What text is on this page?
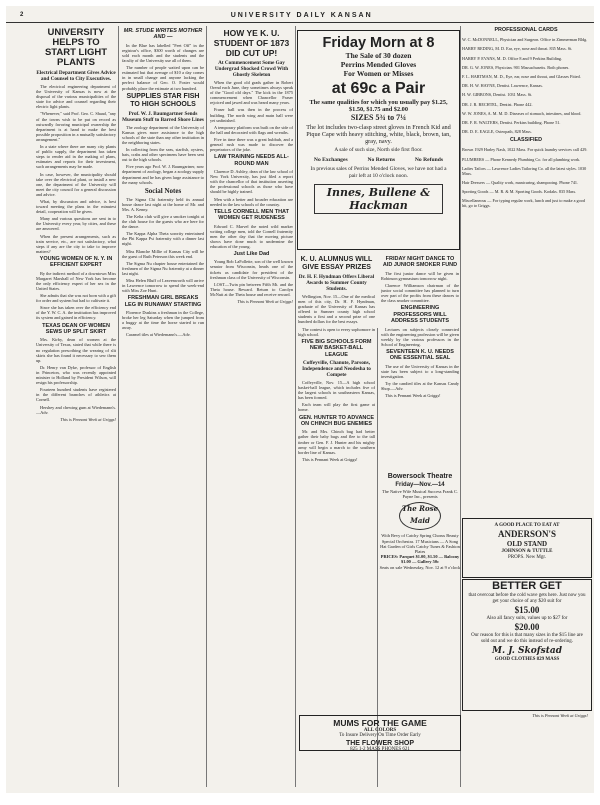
2	UNIVERSITY DAILY KANSAN
UNIVERSITY HELPS TO START LIGHT PLANTS
Electrical Department Gives Advice and Counsel to City Executives.

The electrical engineering department of the University of Kansas is now at the disposal of the various municipalities of the state for advice and counsel regarding their electric light plants.

"Whenever," said Prof. Geo. C. Shaad, "any of the towns wish to be put on record as outwardly favoring municipal ownership the department is at hand to make the best possible proposition in a mutually satisfactory arrangement."

In a state where there are many city plants of public supply, the department has taken steps to render aid in the making of plans, estimates and reports for their investment, such arrangements may be made.

In case, however, the municipality should take over the electrical plant, or install a new one, the department of the University will meet the city council for a general discussion and advice.

What, by discussion and advice, is best toward meeting the plans in the minutest detail, cooperation will be given.

Many and various questions are sent in to the University every year, by cities, and these are answered.

When the present arrangements, such as train service, etc., are not satisfactory, what steps if any are the city to take to improve matters?

YOUNG WOMEN OF N. Y. IN EFFICIENT EXPERT

By the indirect method of a downtown Miss Margaret Marshall of New York has become the only efficiency expert of her sex in the United States.

She admits that she was not born with a gift for order and system but had to cultivate it.

Since she has taken over the efficiency end of the Y. W. C. A. the institution has improved its system and gained in efficiency.

TEXAS DEAN OF WOMEN SEWS UP SPLIT SKIRT

Mrs. Kirby, dean of women at the University of Texas, stated that while there is no regulation prescribing the wearing of slit skirts she has found it necessary to sew them up.

Dr. Henry van Dyke, professor of English in Princeton, who was recently appointed minister to Holland by President Wilson, will resign his professorship.

Fourteen hundred students have registered in the different branches of athletics at Cornell.

Hershey and chewing gum at Wiedemann's.—Adv.

This is Pennant Week at Griggs!
MR. STUDE WRITES MOTHER AND —

In the Blue has labelled "Feet Off" in the registrar's office, $300 worth of changes are sold each month and the students and the faculty of the University use all of them.

The number of people waited upon can be estimated but that average of $10 a day comes in in small change and anyone lacking the perfect balance of Geo. O. Foster would probably place the estimate at two hundred.

SUPPLIES STAR FISH TO HIGH SCHOOLS
Prof. W. J. Baumgartner Sends Museum Stuff to Barred Shore Lines

The zoology department of the University of Kansas gives more assistance to the high schools of the state than any other institution in the neighboring states.

In collecting from the seas, starfish, oysters, bats, crabs and other specimens have been sent out to the high schools.

Five years ago Prof. W. J. Baumgartner, now department of zoology, began a zoology supply department and he has given large assistance to the many schools.

Social Notes

The Sigma Chi fraternity held its annual house dance last night at the home of Mr. and Mrs. A. Kenny.

The Kelta club will give a smoker tonight at the club house for the guests who are here for the dance.

The Kappa Alpha Theta sorority entertained the Phi Kappa Psi fraternity with a dinner last night.

Miss Blanche Millie of Kansas City will be the guest of Ruth Peterson this week end.

The Sigma Nu chapter house entertained the freshmen of the Sigma Nu fraternity at a dinner last night.

Miss Helen Bluff of Leavenworth will arrive in Lawrence tomorrow to spend the week-end with Miss Zoe Hunt.

FRESHMAN GIRL BREAKS LEG IN RUNAWAY STARTING

Florence Duskins a freshman in the College, broke her leg Saturday when the jumped from a buggy at the time the horse started to run away.

Caramel tiles at Wiedemann's.—Adv.

HOW YE K. U. STUDENT OF 1873 DID CUT UP!
At Commencement Some Gay Undergrad Shocked Crowd With Ghostly Skeleton

When the good old grads gather in Robert Orend each June, they sometimes always speak of the "Good old days." The kick in the 1875 commencement when Chancellor Fraser rejoiced and jawed and was heard many years.

Fraser hall was then in the process of building. The north wing and main hall were yet unfinished.

A temporary platform was built on the side of the hall and decorated with flags and wreaths.

Five in time there was a great hubbub, and a general rush was made to discover the perpetrators of the joke.

LAW TRAINING NEEDS ALL-ROUND MAN

Clarence D. Ashley, dean of the law school of New York University, has just filed a report with the chancellor of that institution asserting the professional schools as those who have should be highly trained.

Men with a better and broader education are needed in the law schools of the country.

TELLS CORNELL MEN THAT WOMEN GET RUDENESS

Edward C. Marvel the noted wild marker writing college men, told the Cornell fraternity men the other day that the moving picture shows have done much to undermine the education of the young.

Just Like Dad

Young Bob LaFollette, son of the well known senator from Wisconsin, heads one of the tickets as candidate for president of the freshman class of the University of Wisconsin.

LOST—Twin pin between Fifth Mt. and the Theta house. Reward. Return to Carolyn McNutt at the Theta house and receive reward.

This is Pennant Week at Griggs!
Friday Morn at 8
The Sale of 30 dozen
Perrins Mended Gloves
For Women or Misses
at 69c a Pair
The same qualities for which you usually pay $1.25, $1.50, $1.75 and $2.00
SIZES 5¾ to 7¼
The lot includes two-clasp street gloves in French Kid and Pique Cape with heavy stitching, white, black, brown, tan, gray, navy.
A sale of such size, North side first floor.
No Exchanges	No Returns	No Refunds
In previous sales of Perrins Mended Gloves, we have not had a pair left at 10 o'clock noon.
Innes, Bullene & Hackman
K. U. ALUMNUS WILL GIVE ESSAY PRIZES
Dr. H. F. Hyndman Offers Liberal Awards to Summer County Students.

Wellington, Nov. 15—One of the medical men of this city, Dr. H. F. Hyndman, graduate of the University of Kansas has offered to Sumner county high school students a first and a second prize of one hundred dollars for the best essays.

The contest is open to every sophomore in high school.

FIVE BIG SCHOOLS FORM NEW BASKET-BALL LEAGUE
Coffeyville, Chanute, Parsons, Independence and Neodesha to Compete

Coffeyville, Nov. 15—A high school basket-ball league, which includes five of the largest schools in southeastern Kansas, has been formed.

Each team will play the first game at home.

GEN. HUNTER TO ADVANCE ON CHINCH BUG ENEMIES

Mr. and Mrs. Chinch bug had better gather their baby bugs and flee to the tall timber or Gen. F. J. Hunter and his mighty army will begin a march to the southern border line of Kansas.

This is Pennant Week at Griggs!

FRIDAY NIGHT DANCE TO AID JUNIOR SMOKER FUND

The first junior dance will be given in Robinson gymnasium tomorrow night.

Clarence Williamson chairman of the junior social committee has planned to turn over part of the profits from these dances to the class smoker committee.

ENGINEERING PROFESSORS WILL ADDRESS STUDENTS

Lectures on subjects closely connected with the engineering profession will be given weekly by the various professors in the School of Engineering.

SEVENTEEN K. U. NEEDS ONE ESSENTIAL SEAL

The use of the University of Kansas in the state has been subject to a long-standing investigation.

Try the candied tiles at the Kansas Candy Shop.—Adv.

This is Pennant Week at Griggs!

Bowersock Theatre
Friday—Nov.—14
The Native Wife Musical Success Frank C. Payne Inc., presents
The Rose Maid
With Bevy of Catchy Spring Chorus Beauty
Special Orchestra. 17 Musicians — A Song Hat Garden of Girls Catchy Tunes & Fashion Plates
PRICES: Parquet $1.00, $1.50 — Balcony $1.00 — Gallery 50c
Seats on sale Wednesday, Nov. 12 at 9 o'clock
MUMS FOR THE GAME
ALL COLORS
To Insure Delivery On Time Order Early
THE FLOWER SHOP
825 1-2 MASS PHONES 621
PROFESSIONAL CARDS

W. C. McDONNELL, Physician and Surgeon. Office in Zimmerman Bldg.

HARRY REDING, M. D. Ear, eye, nose and throat. 835 Mass. St.

HARRY P. EVANS, M. D. Office 8 and 9 Perkins Building.

DR. G. W. JONES, Physician. 901 Massachusetts. Both phones.

F. L. HARTMAN, M. D., Eye, ear, nose and throat, and Glasses Fitted.

DR. H. W. HAYNE, Dentist. Lawrence, Kansas.

H. W. GIBBONS, Dentist. 1031 Mass. St.

DR. J. R. BECHTEL, Dentist. Phone 442.

W. W. JONES, A. M. M. D. Diseases of stomach, intestines, and blood.

DR. F. R. WALTERS, Dentist. Perkins building. Phone 51.

DR. D. E. EAGLE, Osteopath, 828 Mass.

CLASSIFIED

Brown 1929 Harley Nash, 1022 Mass. For quick laundry services call 429.

PLUMBERS — Phone Kennedy Plumbing Co. for all plumbing work.

Ladies Tailors — Lawrence Ladies Tailoring Co. all the latest styles. 1030 Mass.

Hair Dressers — Quality work, manicuring, shampooing. Phone 741.

Sporting Goods — M. R. & M. Sporting Goods. Kodaks. 835 Mass.

Miscellaneous — For typing regular work, lunch and just to make a good hit, go to Griggs.

A GOOD PLACE TO EAT AT
ANDERSON'S
OLD STAND
JOHNSON & TUTTLE
PROPS. New Mgr.
BETTER GET
that overcoat before the cold wave gets here. Just now you get your choice of any $20 suit for
$15.00
Also all fancy suits, values up to $27 for
$20.00
Our reason for this is that many sizes in the $15 line are sold out and we do this instead of re-ordering.
M. J. Skofstad
GOOD CLOTHES 829 MASS
This is Pennant Week at Griggs!
